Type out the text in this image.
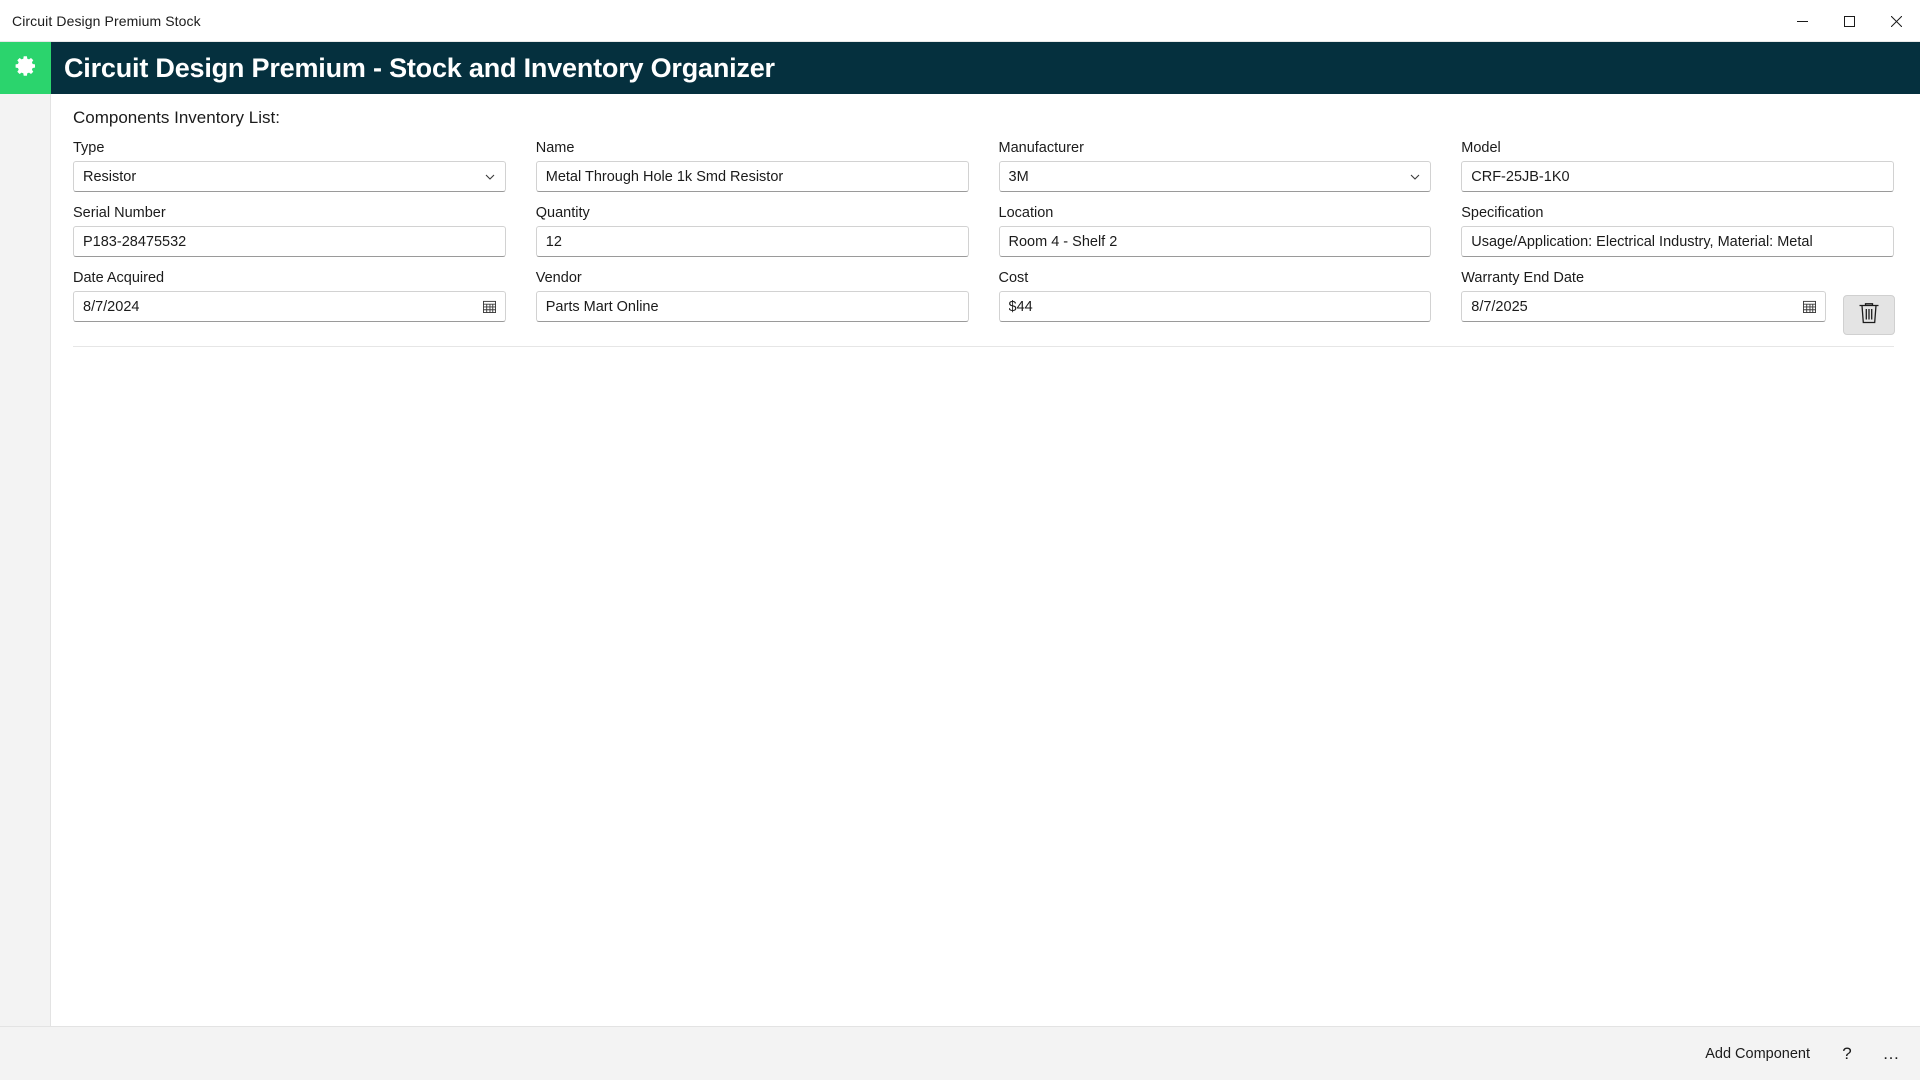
Circuit Design Premium Stock
Circuit Design Premium - Stock and Inventory Organizer
Components Inventory List:
Type
Resistor
Name
Metal Through Hole 1k Smd Resistor
Manufacturer
3M
Model
CRF-25JB-1K0
Serial Number
P183-28475532
Quantity
12
Location
Room 4 - Shelf 2
Specification
Usage/Application: Electrical Industry, Material: Metal
Date Acquired
8/7/2024
Vendor
Parts Mart Online
Cost
$44
Warranty End Date
8/7/2025
Add Component	?	…
